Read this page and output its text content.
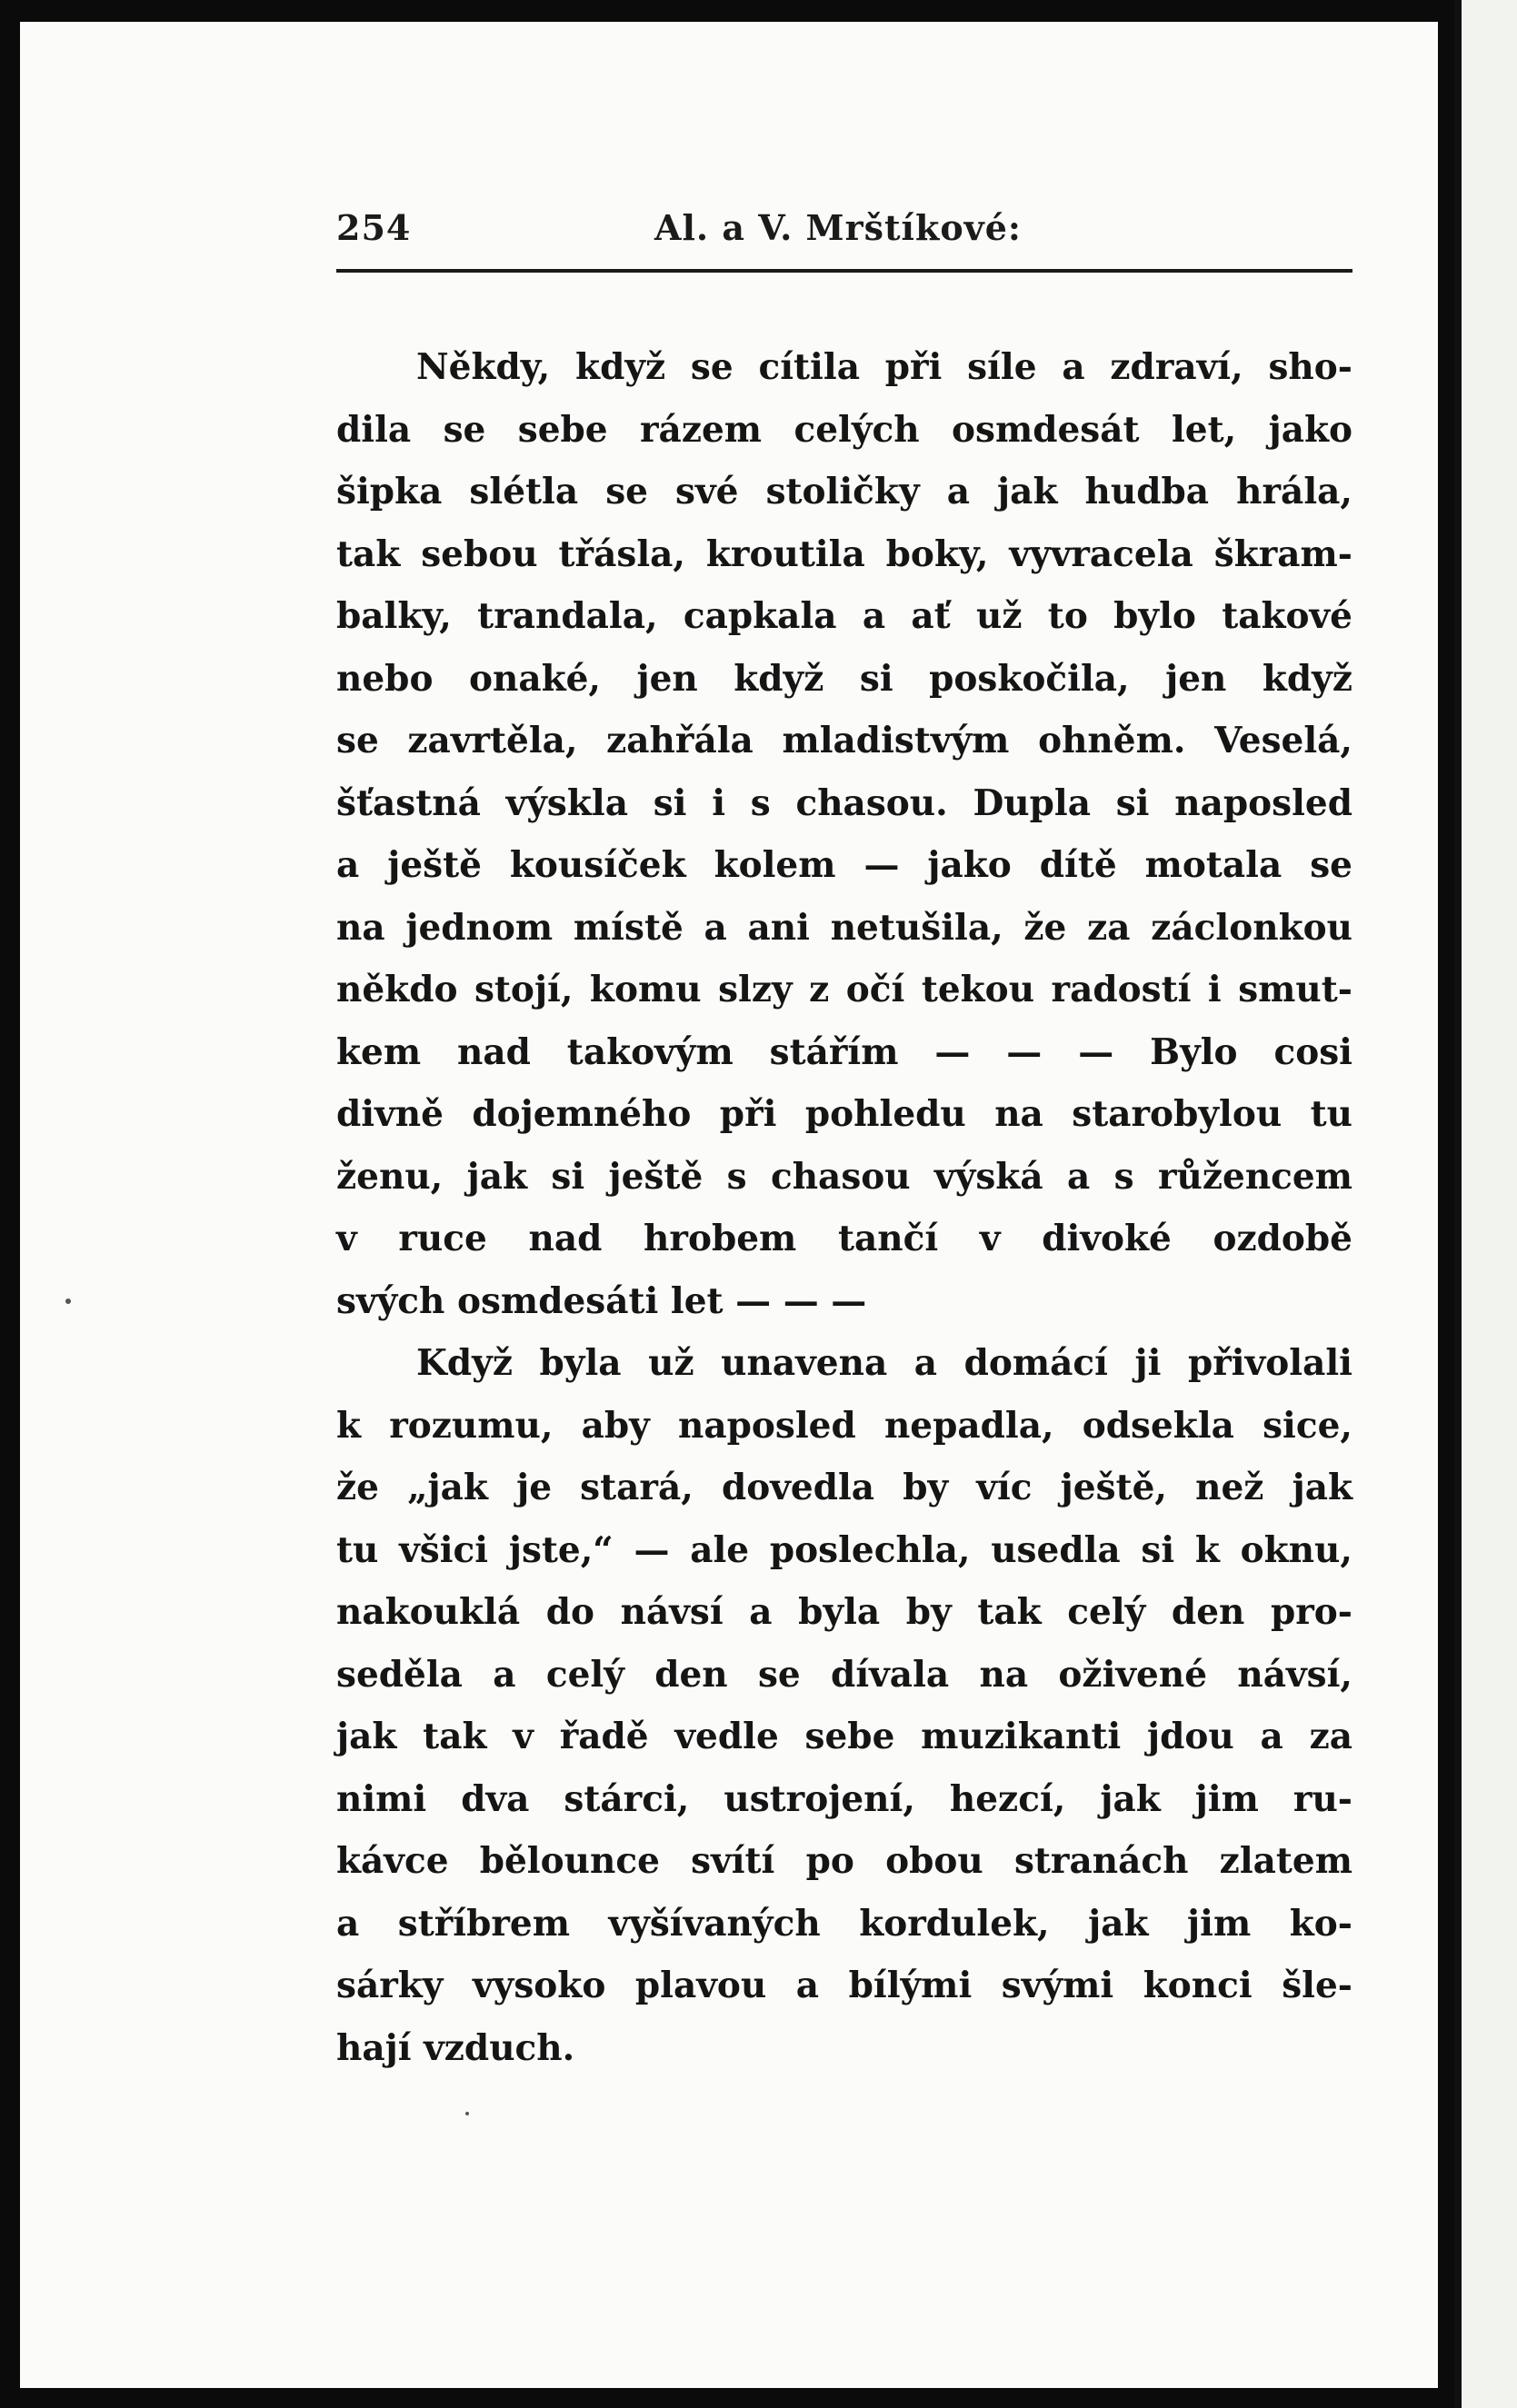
254	Al. a V. Mrštíkové:
Někdy, když se cítila při síle a zdraví, sho-
dila se sebe rázem celých osmdesát let, jako
šipka slétla se své stoličky a jak hudba hrála,
tak sebou třásla, kroutila boky, vyvracela škram-
balky, trandala, capkala a ať už to bylo takové
nebo onaké, jen když si poskočila, jen když
se zavrtěla, zahřála mladistvým ohněm. Veselá,
šťastná výskla si i s chasou. Dupla si naposled
a ještě kousíček kolem — jako dítě motala se
na jednom místě a ani netušila, že za záclonkou
někdo stojí, komu slzy z očí tekou radostí i smut-
kem nad takovým stářím — — — Bylo cosi
divně dojemného při pohledu na starobylou tu
ženu, jak si ještě s chasou výská a s růžencem
v ruce nad hrobem tančí v divoké ozdobě
svých osmdesáti let — — —
Když byla už unavena a domácí ji přivolali
k rozumu, aby naposled nepadla, odsekla sice,
že „jak je stará, dovedla by víc ještě, než jak
tu všici jste,“ — ale poslechla, usedla si k oknu,
nakouklá do návsí a byla by tak celý den pro-
seděla a celý den se dívala na oživené návsí,
jak tak v řadě vedle sebe muzikanti jdou a za
nimi dva stárci, ustrojení, hezcí, jak jim ru-
kávce bělounce svítí po obou stranách zlatem
a stříbrem vyšívaných kordulek, jak jim ko-
sárky vysoko plavou a bílými svými konci šle-
hají vzduch.
